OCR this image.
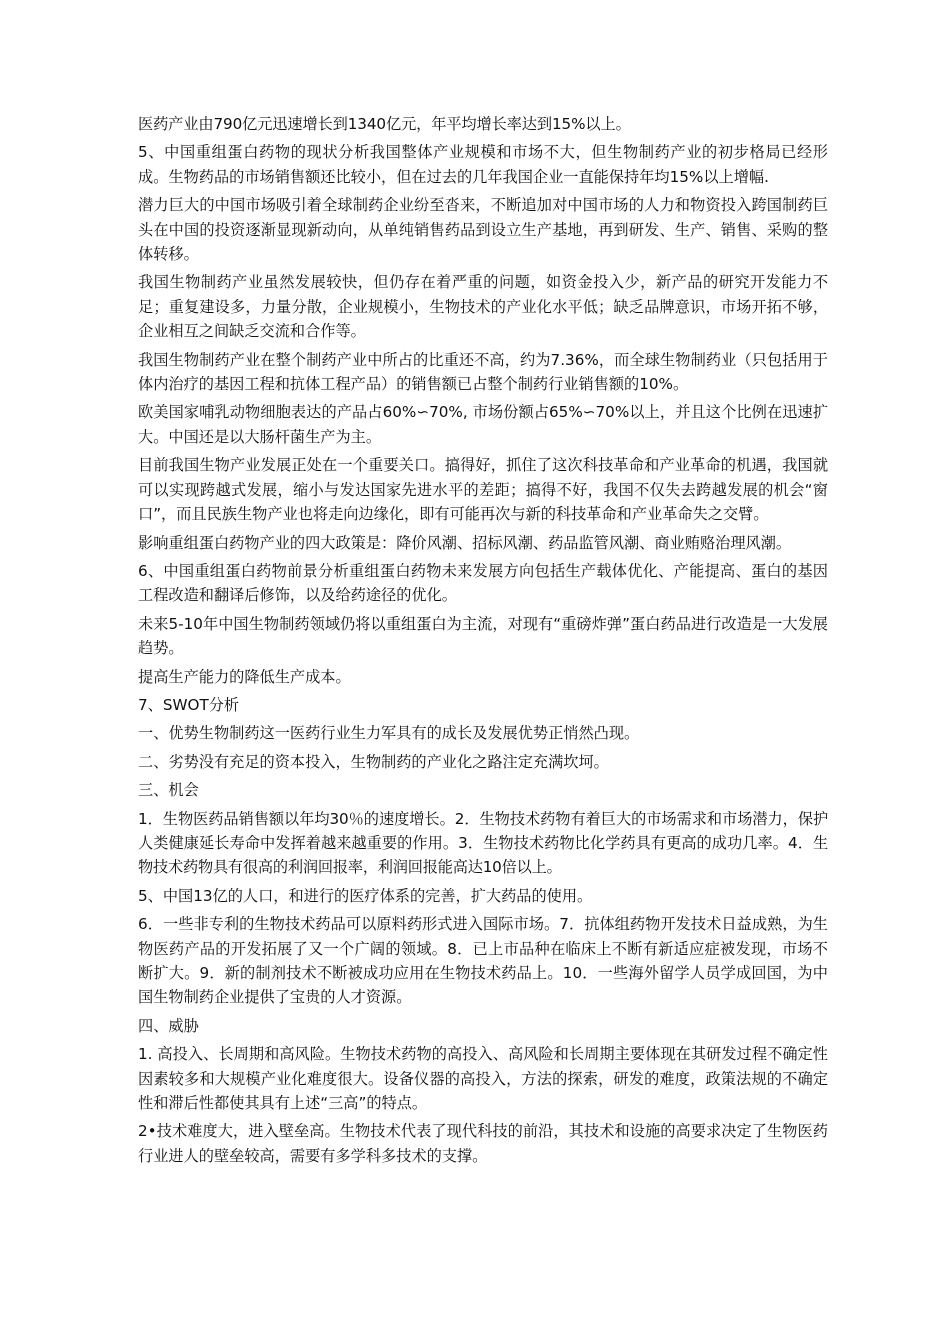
医药产业由790亿元迅速增长到1340亿元，年平均增长率达到15%以上。

5、中国重组蛋白药物的现状分析我国整体产业规模和市场不大，但生物制药产业的初步格局已经形成。生物药品的市场销售额还比较小，但在过去的几年我国企业一直能保持年均15%以上增幅.

潜力巨大的中国市场吸引着全球制药企业纷至沓来，不断追加对中国市场的人力和物资投入跨国制药巨头在中国的投资逐渐显现新动向，从单纯销售药品到设立生产基地，再到研发、生产、销售、采购的整体转移。

我国生物制药产业虽然发展较快，但仍存在着严重的问题，如资金投入少，新产品的研究开发能力不足；重复建设多，力量分散，企业规模小，生物技术的产业化水平低；缺乏品牌意识，市场开拓不够，企业相互之间缺乏交流和合作等。

我国生物制药产业在整个制药产业中所占的比重还不高，约为7.36%，而全球生物制药业（只包括用于体内治疗的基因工程和抗体工程产品）的销售额已占整个制药行业销售额的10%。

欧美国家哺乳动物细胞表达的产品占60%∽70%, 市场份额占65%∽70%以上，并且这个比例在迅速扩大。中国还是以大肠杆菌生产为主。

目前我国生物产业发展正处在一个重要关口。搞得好，抓住了这次科技革命和产业革命的机遇，我国就可以实现跨越式发展，缩小与发达国家先进水平的差距；搞得不好，我国不仅失去跨越发展的机会“窗口”，而且民族生物产业也将走向边缘化，即有可能再次与新的科技革命和产业革命失之交臂。

影响重组蛋白药物产业的四大政策是：降价风潮、招标风潮、药品监管风潮、商业贿赂治理风潮。

6、中国重组蛋白药物前景分析重组蛋白药物未来发展方向包括生产载体优化、产能提高、蛋白的基因工程改造和翻译后修饰，以及给药途径的优化。

未来5-10年中国生物制药领域仍将以重组蛋白为主流，对现有“重磅炸弹”蛋白药品进行改造是一大发展趋势。

提高生产能力的降低生产成本。

7、SWOT分析

一、优势生物制药这一医药行业生力军具有的成长及发展优势正悄然凸现。

二、劣势没有充足的资本投入，生物制药的产业化之路注定充满坎坷。

三、机会

1．生物医药品销售额以年均30％的速度增长。2．生物技术药物有着巨大的市场需求和市场潜力，保护人类健康延长寿命中发挥着越来越重要的作用。3．生物技术药物比化学药具有更高的成功几率。4．生物技术药物具有很高的利润回报率，利润回报能高达10倍以上。

5、中国13亿的人口，和进行的医疗体系的完善，扩大药品的使用。

6．一些非专利的生物技术药品可以原料药形式进入国际市场。7．抗体组药物开发技术日益成熟，为生物医药产品的开发拓展了又一个广阔的领域。8．已上市品种在临床上不断有新适应症被发现，市场不断扩大。9．新的制剂技术不断被成功应用在生物技术药品上。10．一些海外留学人员学成回国，为中国生物制药企业提供了宝贵的人才资源。

四、威胁

1. 高投入、长周期和高风险。生物技术药物的高投入、高风险和长周期主要体现在其研发过程不确定性因素较多和大规模产业化难度很大。设备仪器的高投入，方法的探索，研发的难度，政策法规的不确定性和滞后性都使其具有上述“三高”的特点。

2•技术难度大，进入壁垒高。生物技术代表了现代科技的前沿，其技术和设施的高要求决定了生物医药行业进人的壁垒较高，需要有多学科多技术的支撑。
